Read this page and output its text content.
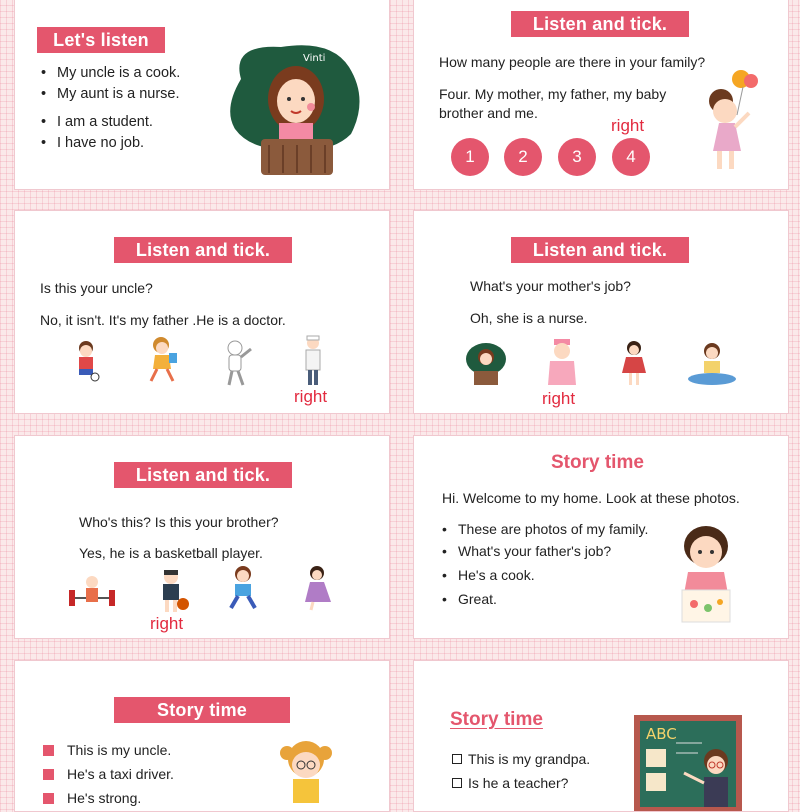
Let's listen
• My uncle is a cook.
• My aunt is a nurse.
• I am a student.
• I have no job.
Vinti
Listen and tick.
How many people are there in your family?
Four. My mother, my father, my baby
brother and me.
right
1	2	3	4
Listen and tick.
Is this your uncle?
No, it isn't. It's my father .He is a doctor.
right
Listen and tick.
What's your mother's job?
Oh, she is a nurse.
right
Listen and tick.
Who's this? Is this your brother?
Yes, he is a basketball player.
right
Story time
Hi. Welcome to my home. Look at these photos.
• These are photos of my family.
• What's your father's job?
• He's a cook.
• Great.
Story time
This is my uncle.
He's a taxi driver.
He's strong.
Story time
This is my grandpa.
Is he a teacher?
ABC
